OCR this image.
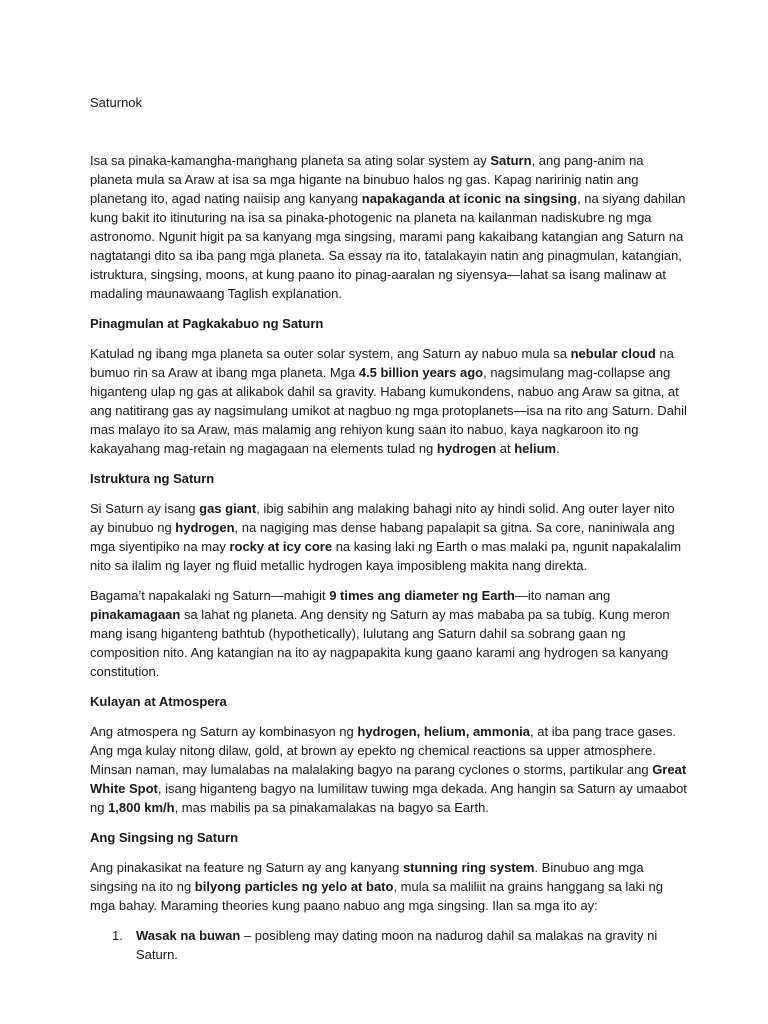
Saturnok

Isa sa pinaka-kamangha-manghang planeta sa ating solar system ay Saturn, ang pang-anim na planeta mula sa Araw at isa sa mga higante na binubuo halos ng gas. Kapag naririnig natin ang planetang ito, agad nating naiisip ang kanyang napakaganda at iconic na singsing, na siyang dahilan kung bakit ito itinuturing na isa sa pinaka-photogenic na planeta na kailanman nadiskubre ng mga astronomo. Ngunit higit pa sa kanyang mga singsing, marami pang kakaibang katangian ang Saturn na nagtatangi dito sa iba pang mga planeta. Sa essay na ito, tatalakayin natin ang pinagmulan, katangian, istruktura, singsing, moons, at kung paano ito pinag-aaralan ng siyensya—lahat sa isang malinaw at madaling maunawaang Taglish explanation.

Pinagmulan at Pagkakabuo ng Saturn

Katulad ng ibang mga planeta sa outer solar system, ang Saturn ay nabuo mula sa nebular cloud na bumuo rin sa Araw at ibang mga planeta. Mga 4.5 billion years ago, nagsimulang mag-collapse ang higanteng ulap ng gas at alikabok dahil sa gravity. Habang kumukondens, nabuo ang Araw sa gitna, at ang natitirang gas ay nagsimulang umikot at nagbuo ng mga protoplanets—isa na rito ang Saturn. Dahil mas malayo ito sa Araw, mas malamig ang rehiyon kung saan ito nabuo, kaya nagkaroon ito ng kakayahang mag-retain ng magagaan na elements tulad ng hydrogen at helium.

Istruktura ng Saturn

Si Saturn ay isang gas giant, ibig sabihin ang malaking bahagi nito ay hindi solid. Ang outer layer nito ay binubuo ng hydrogen, na nagiging mas dense habang papalapit sa gitna. Sa core, naniniwala ang mga siyentipiko na may rocky at icy core na kasing laki ng Earth o mas malaki pa, ngunit napakalalim nito sa ilalim ng layer ng fluid metallic hydrogen kaya imposibleng makita nang direkta.

Bagama’t napakalaki ng Saturn—mahigit 9 times ang diameter ng Earth—ito naman ang pinakamagaan sa lahat ng planeta. Ang density ng Saturn ay mas mababa pa sa tubig. Kung meron mang isang higanteng bathtub (hypothetically), lulutang ang Saturn dahil sa sobrang gaan ng composition nito. Ang katangian na ito ay nagpapakita kung gaano karami ang hydrogen sa kanyang constitution.

Kulayan at Atmospera

Ang atmospera ng Saturn ay kombinasyon ng hydrogen, helium, ammonia, at iba pang trace gases. Ang mga kulay nitong dilaw, gold, at brown ay epekto ng chemical reactions sa upper atmosphere. Minsan naman, may lumalabas na malalaking bagyo na parang cyclones o storms, partikular ang Great White Spot, isang higanteng bagyo na lumilitaw tuwing mga dekada. Ang hangin sa Saturn ay umaabot ng 1,800 km/h, mas mabilis pa sa pinakamalakas na bagyo sa Earth.

Ang Singsing ng Saturn

Ang pinakasikat na feature ng Saturn ay ang kanyang stunning ring system. Binubuo ang mga singsing na ito ng bilyong particles ng yelo at bato, mula sa maliliit na grains hanggang sa laki ng mga bahay. Maraming theories kung paano nabuo ang mga singsing. Ilan sa mga ito ay:

1. Wasak na buwan – posibleng may dating moon na nadurog dahil sa malakas na gravity ni Saturn.
